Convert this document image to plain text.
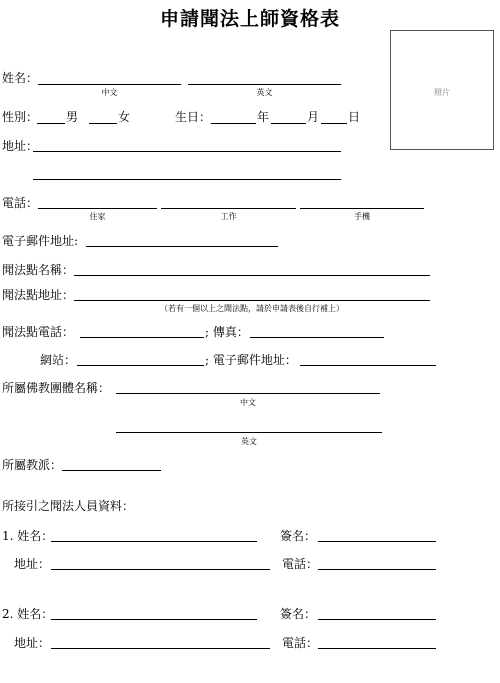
申請聞法上師資格表
照片
姓名：
中文	英文
性別： 男	女	生日：	年	月 日
地址：
電話：
住家	工作	手機
電子郵件地址:
聞法點名稱：
聞法點地址：
（若有一個以上之聞法點，請於申請表後自行補上）
聞法點電話：	; 傳真：
網站：	; 電子郵件地址：
所屬佛教團體名稱：
中文
英文
所屬教派：
所接引之聞法人員資料：
1. 姓名：	簽名：
地址：	電話：
2. 姓名：	簽名：
地址：	電話：
